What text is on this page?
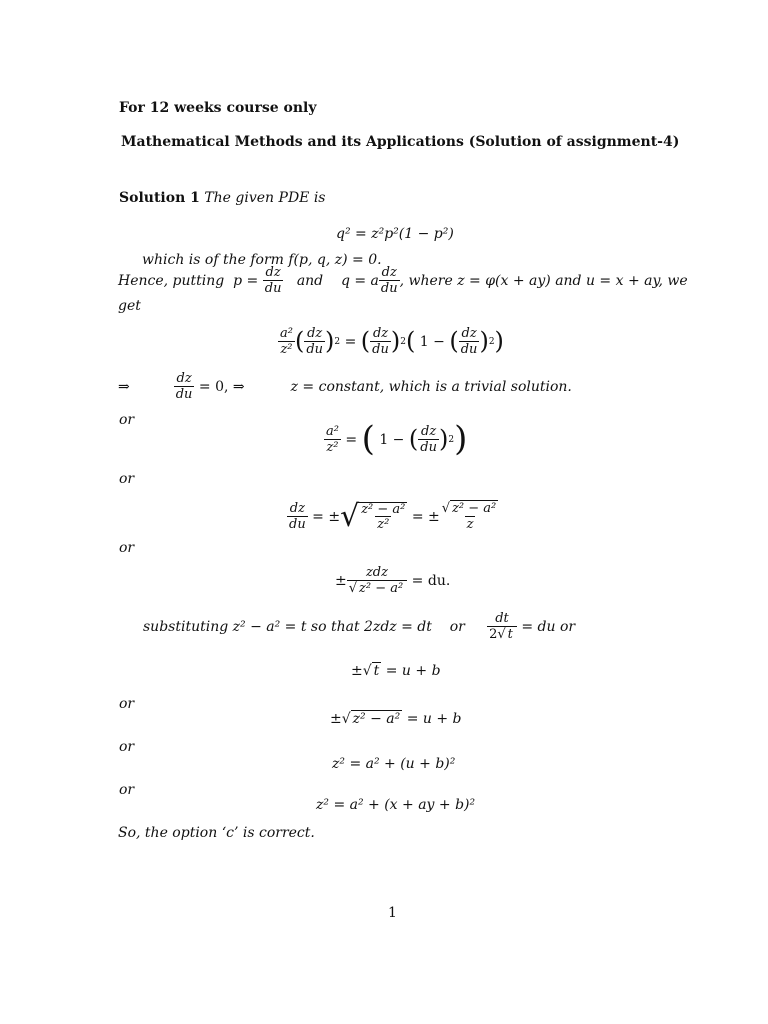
For 12 weeks course only
Mathematical Methods and its Applications (Solution of assignment-4)
Solution 1 The given PDE is
q² = z²p²(1 − p²)
which is of the form f(p, q, z) = 0.
Hence, putting
p =
$\frac{dz}{du}$
and
q = a $\frac{dz}{du}$ , where z = φ(x + ay) and u = x + ay, we
get
$\frac{\text{a²}}{\text{z²}}$ ( $\frac{dz}{du}$ ) 2 = ( $\frac{dz}{du}$ ) 2 ( 1 − ( $\frac{dz}{du}$ ) 2 )
⇒	$\frac{dz}{du}$
= 0, ⇒	z = constant, which is a trivial solution.
or
$\frac{\text{a²}}{\text{z²}}$ = ( 1 − ( $\frac{dz}{du}$ ) 2 )
or
$\frac{dz}{du}$
= ± √ $\frac{\text{z² − a²}}{\text{z²}}$
= ± $\frac{\text{√ z² − a²}}{z}$
or
± $\frac{\text{zdz}}{\text{√ z² − a²}}$
= du.
substituting z² − a² = t so that 2zdz = dt
or
$\frac{dt}{2√ t}$
= du or
±√ t = u + b
or
±√ z² − a² = u + b
or
z² = a² + (u + b)²
or
z² = a² + (x + ay + b)²
So, the option ‘c’ is correct.
1
